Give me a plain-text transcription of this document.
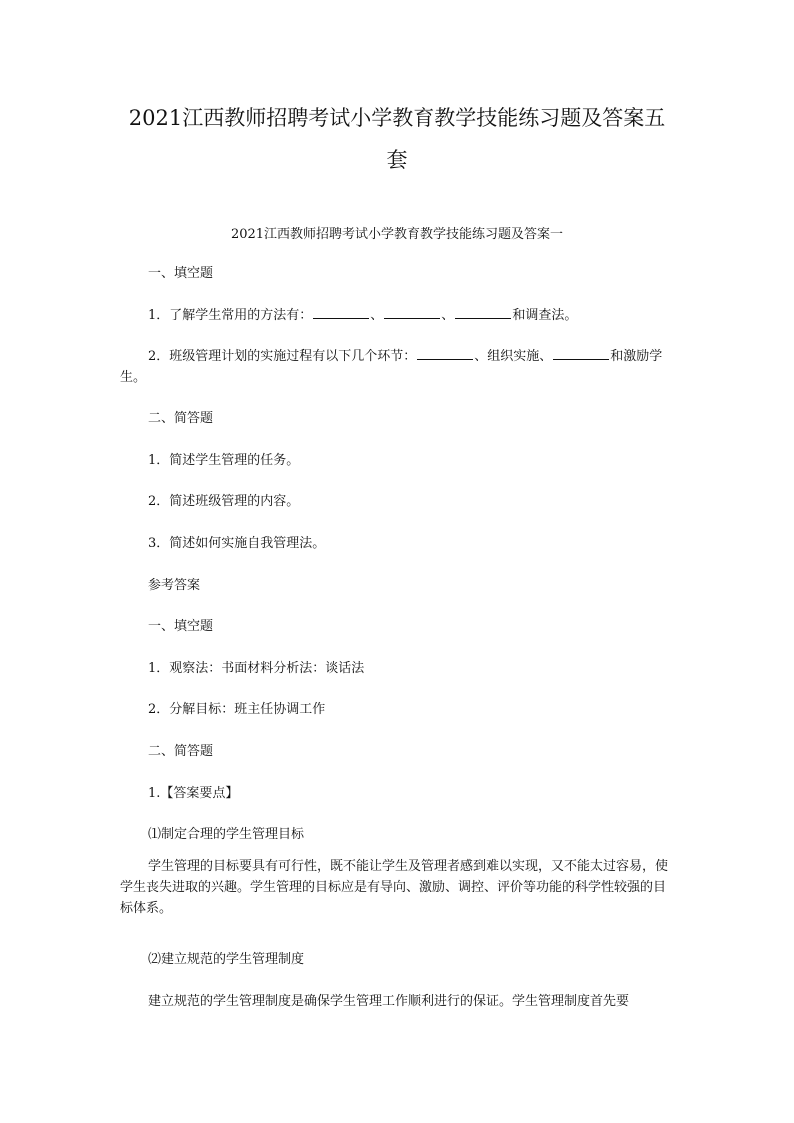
2021江西教师招聘考试小学教育教学技能练习题及答案五
套
2021江西教师招聘考试小学教育教学技能练习题及答案一
一、填空题
1．了解学生常用的方法有：	、	、	和调查法。
2．班级管理计划的实施过程有以下几个环节：	、组织实施、	和激励学生。
二、简答题
1．简述学生管理的任务。
2．简述班级管理的内容。
3．简述如何实施自我管理法。
参考答案
一、填空题
1．观察法：书面材料分析法：谈话法
2．分解目标：班主任协调工作
二、简答题
1.【答案要点】
⑴制定合理的学生管理目标
学生管理的目标要具有可行性，既不能让学生及管理者感到难以实现，又不能太过容易，使学生丧失进取的兴趣。学生管理的目标应是有导向、激励、调控、评价等功能的科学性较强的目标体系。
⑵建立规范的学生管理制度
建立规范的学生管理制度是确保学生管理工作顺利进行的保证。学生管理制度首先要
